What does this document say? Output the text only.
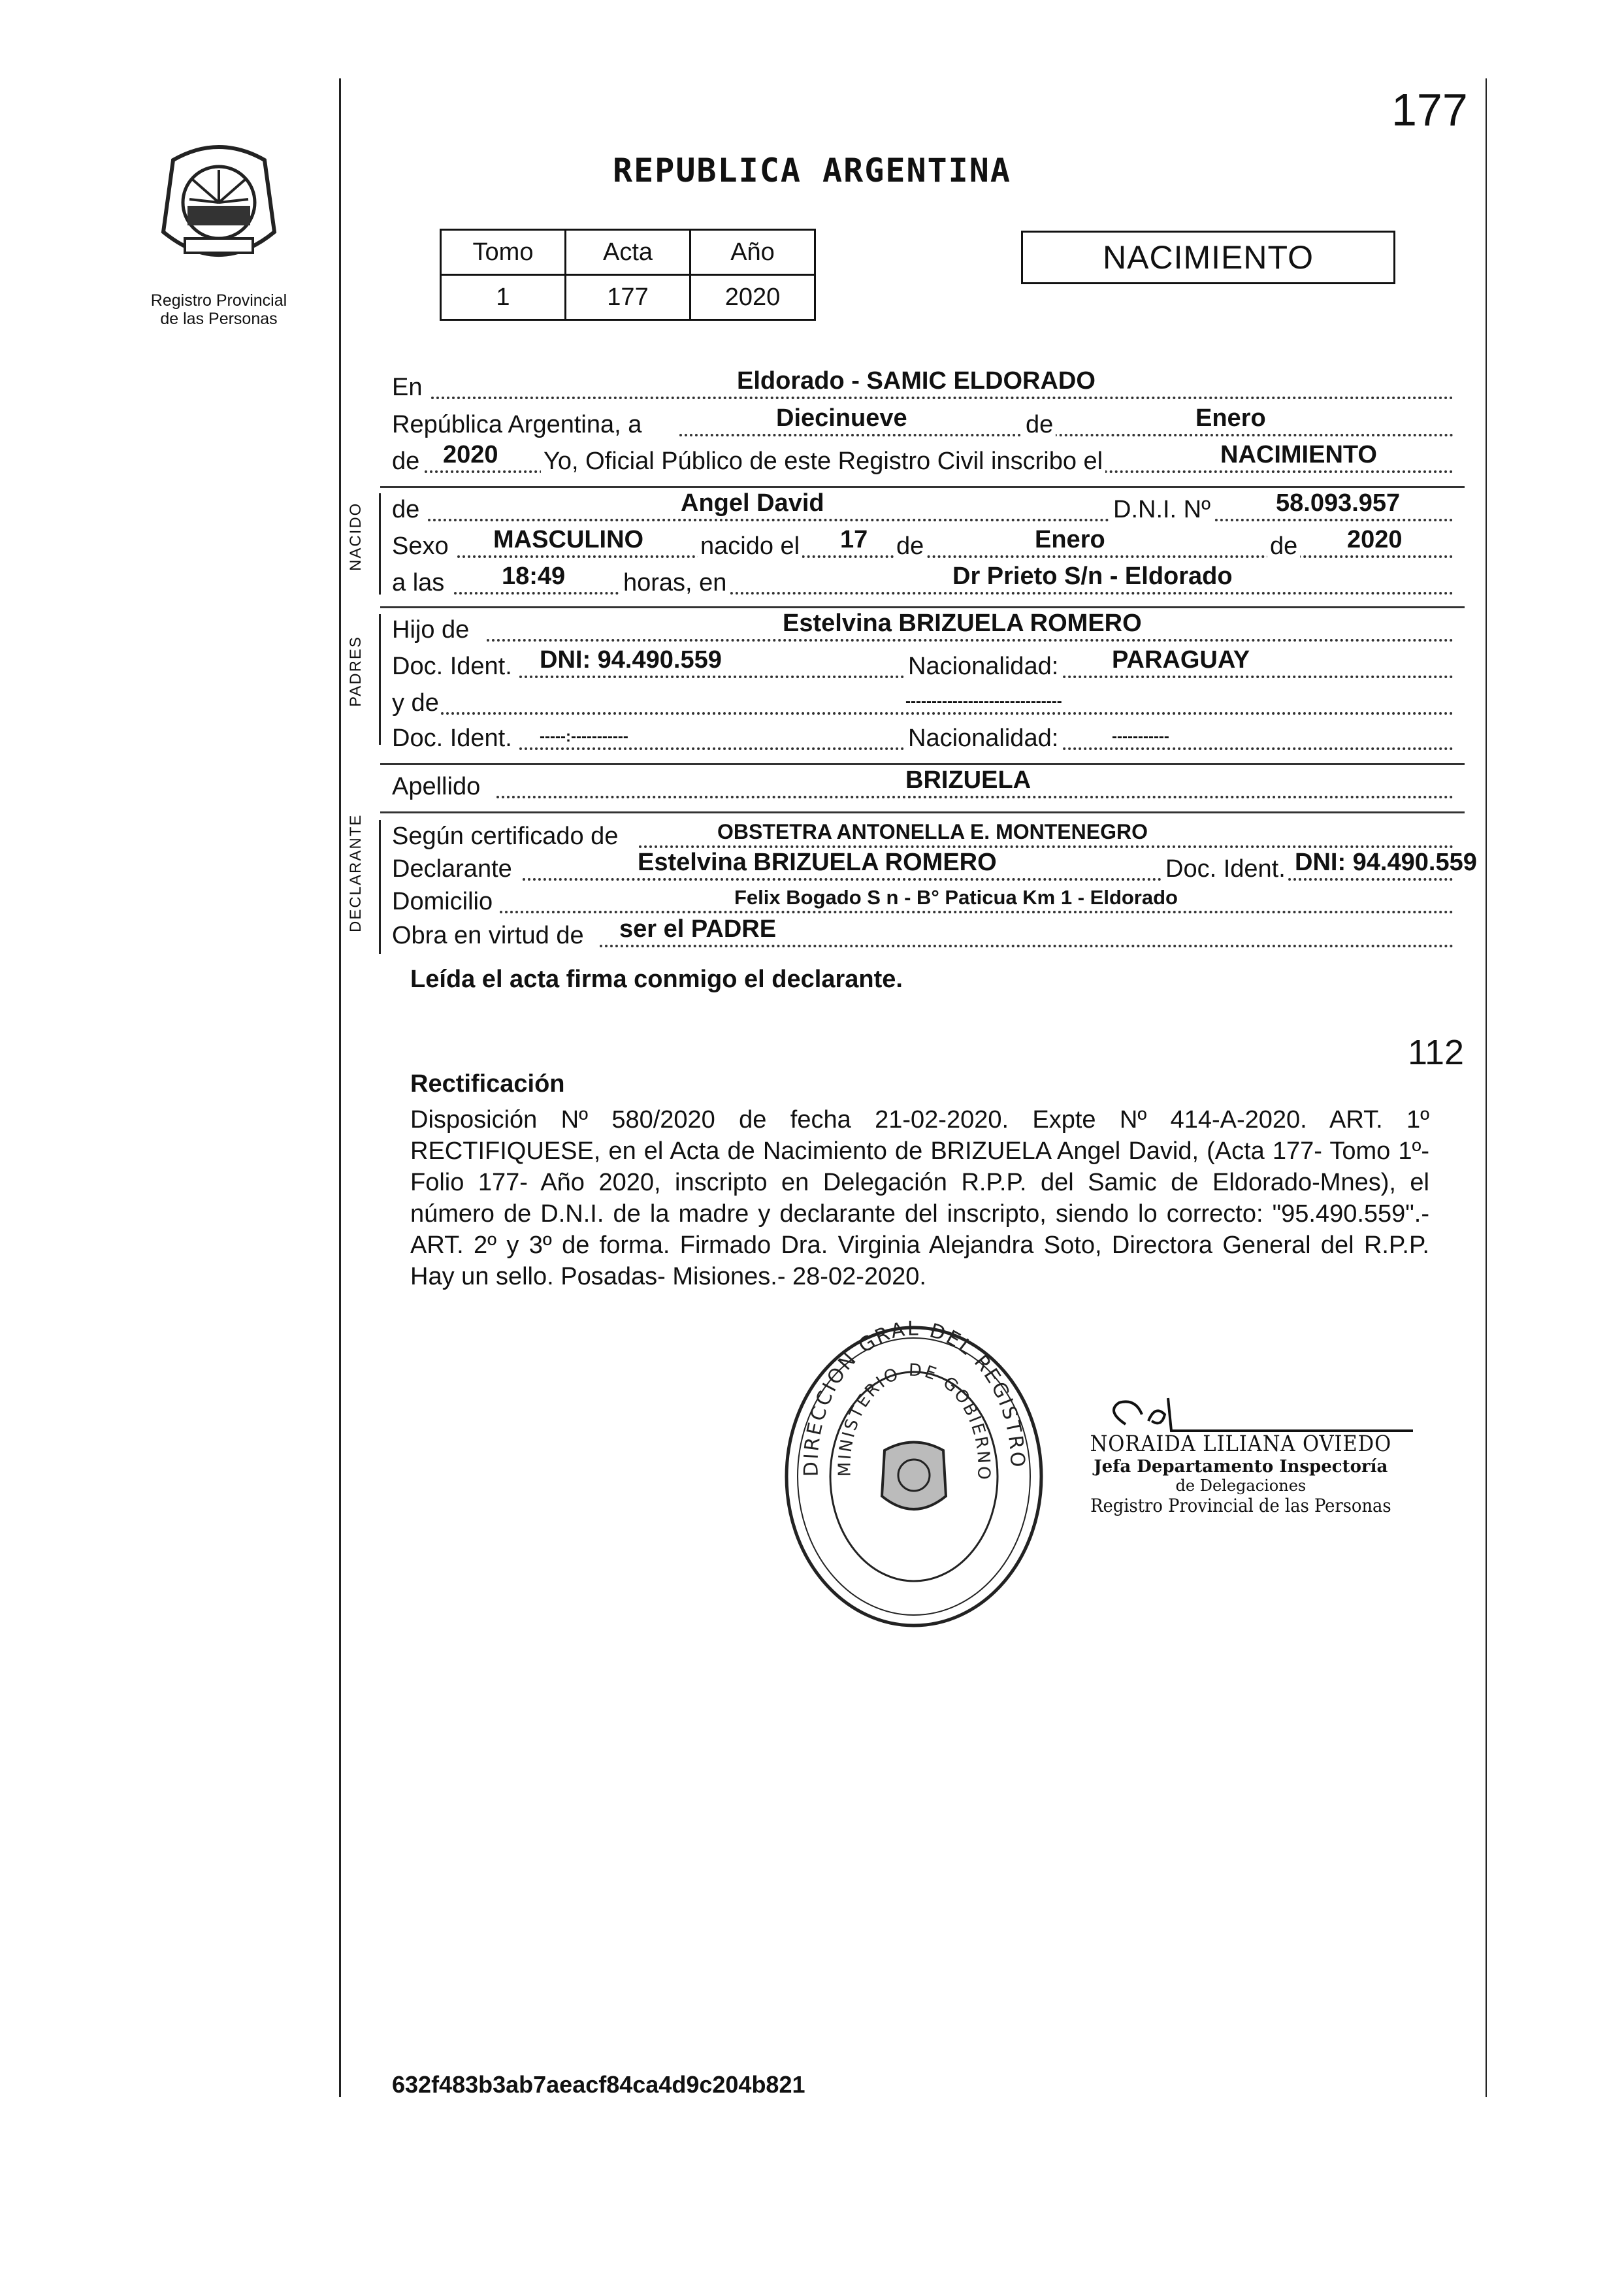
177
Registro Provincial
de las Personas
REPUBLICA ARGENTINA
Tomo	Acta	Año
1	177	2020
NACIMIENTO
En	Eldorado - SAMIC ELDORADO
República Argentina, a	Diecinueve	de	Enero
de 2020 Yo, Oficial Público de este Registro Civil inscribo el	NACIMIENTO
NACIDO de	Angel David	D.N.I. Nº	58.093.957
Sexo MASCULINO nacido el 17 de	Enero	de 2020
a las 18:49 horas, en	Dr Prieto S/n - Eldorado
PADRES
Hijo de	Estelvina BRIZUELA ROMERO
Doc. Ident. DNI: 94.490.559	Nacionalidad: PARAGUAY
y de	------------------------------
Doc. Ident. -----:-----------	Nacionalidad:	-----------
Apellido	BRIZUELA
DECLARANTE Según certificado de	OBSTETRA ANTONELLA E. MONTENEGRO
Declarante	Estelvina BRIZUELA ROMERO	Doc. Ident. DNI: 94.490.559
Domicilio	Felix Bogado S n - B° Paticua Km 1 - Eldorado
Obra en virtud de ser el PADRE
Leída el acta firma conmigo el declarante.
112
Rectificación
Disposición Nº 580/2020 de fecha 21-02-2020. Expte Nº 414-A-2020. ART. 1º RECTIFIQUESE, en el Acta de Nacimiento de BRIZUELA Angel David, (Acta 177- Tomo 1º- Folio 177- Año 2020, inscripto en Delegación R.P.P. del Samic de Eldorado-Mnes), el número de D.N.I. de la madre y declarante del inscripto, siendo lo correcto: "95.490.559".- ART. 2º y 3º de forma. Firmado Dra. Virginia Alejandra Soto, Directora General del R.P.P. Hay un sello. Posadas- Misiones.- 28-02-2020.
DIRECCION GRAL DEL REGISTRO
MINISTERIO DE GOBIERNO
NORAIDA LILIANA OVIEDO
Jefa Departamento Inspectoría
de Delegaciones
Registro Provincial de las Personas
632f483b3ab7aeacf84ca4d9c204b821
